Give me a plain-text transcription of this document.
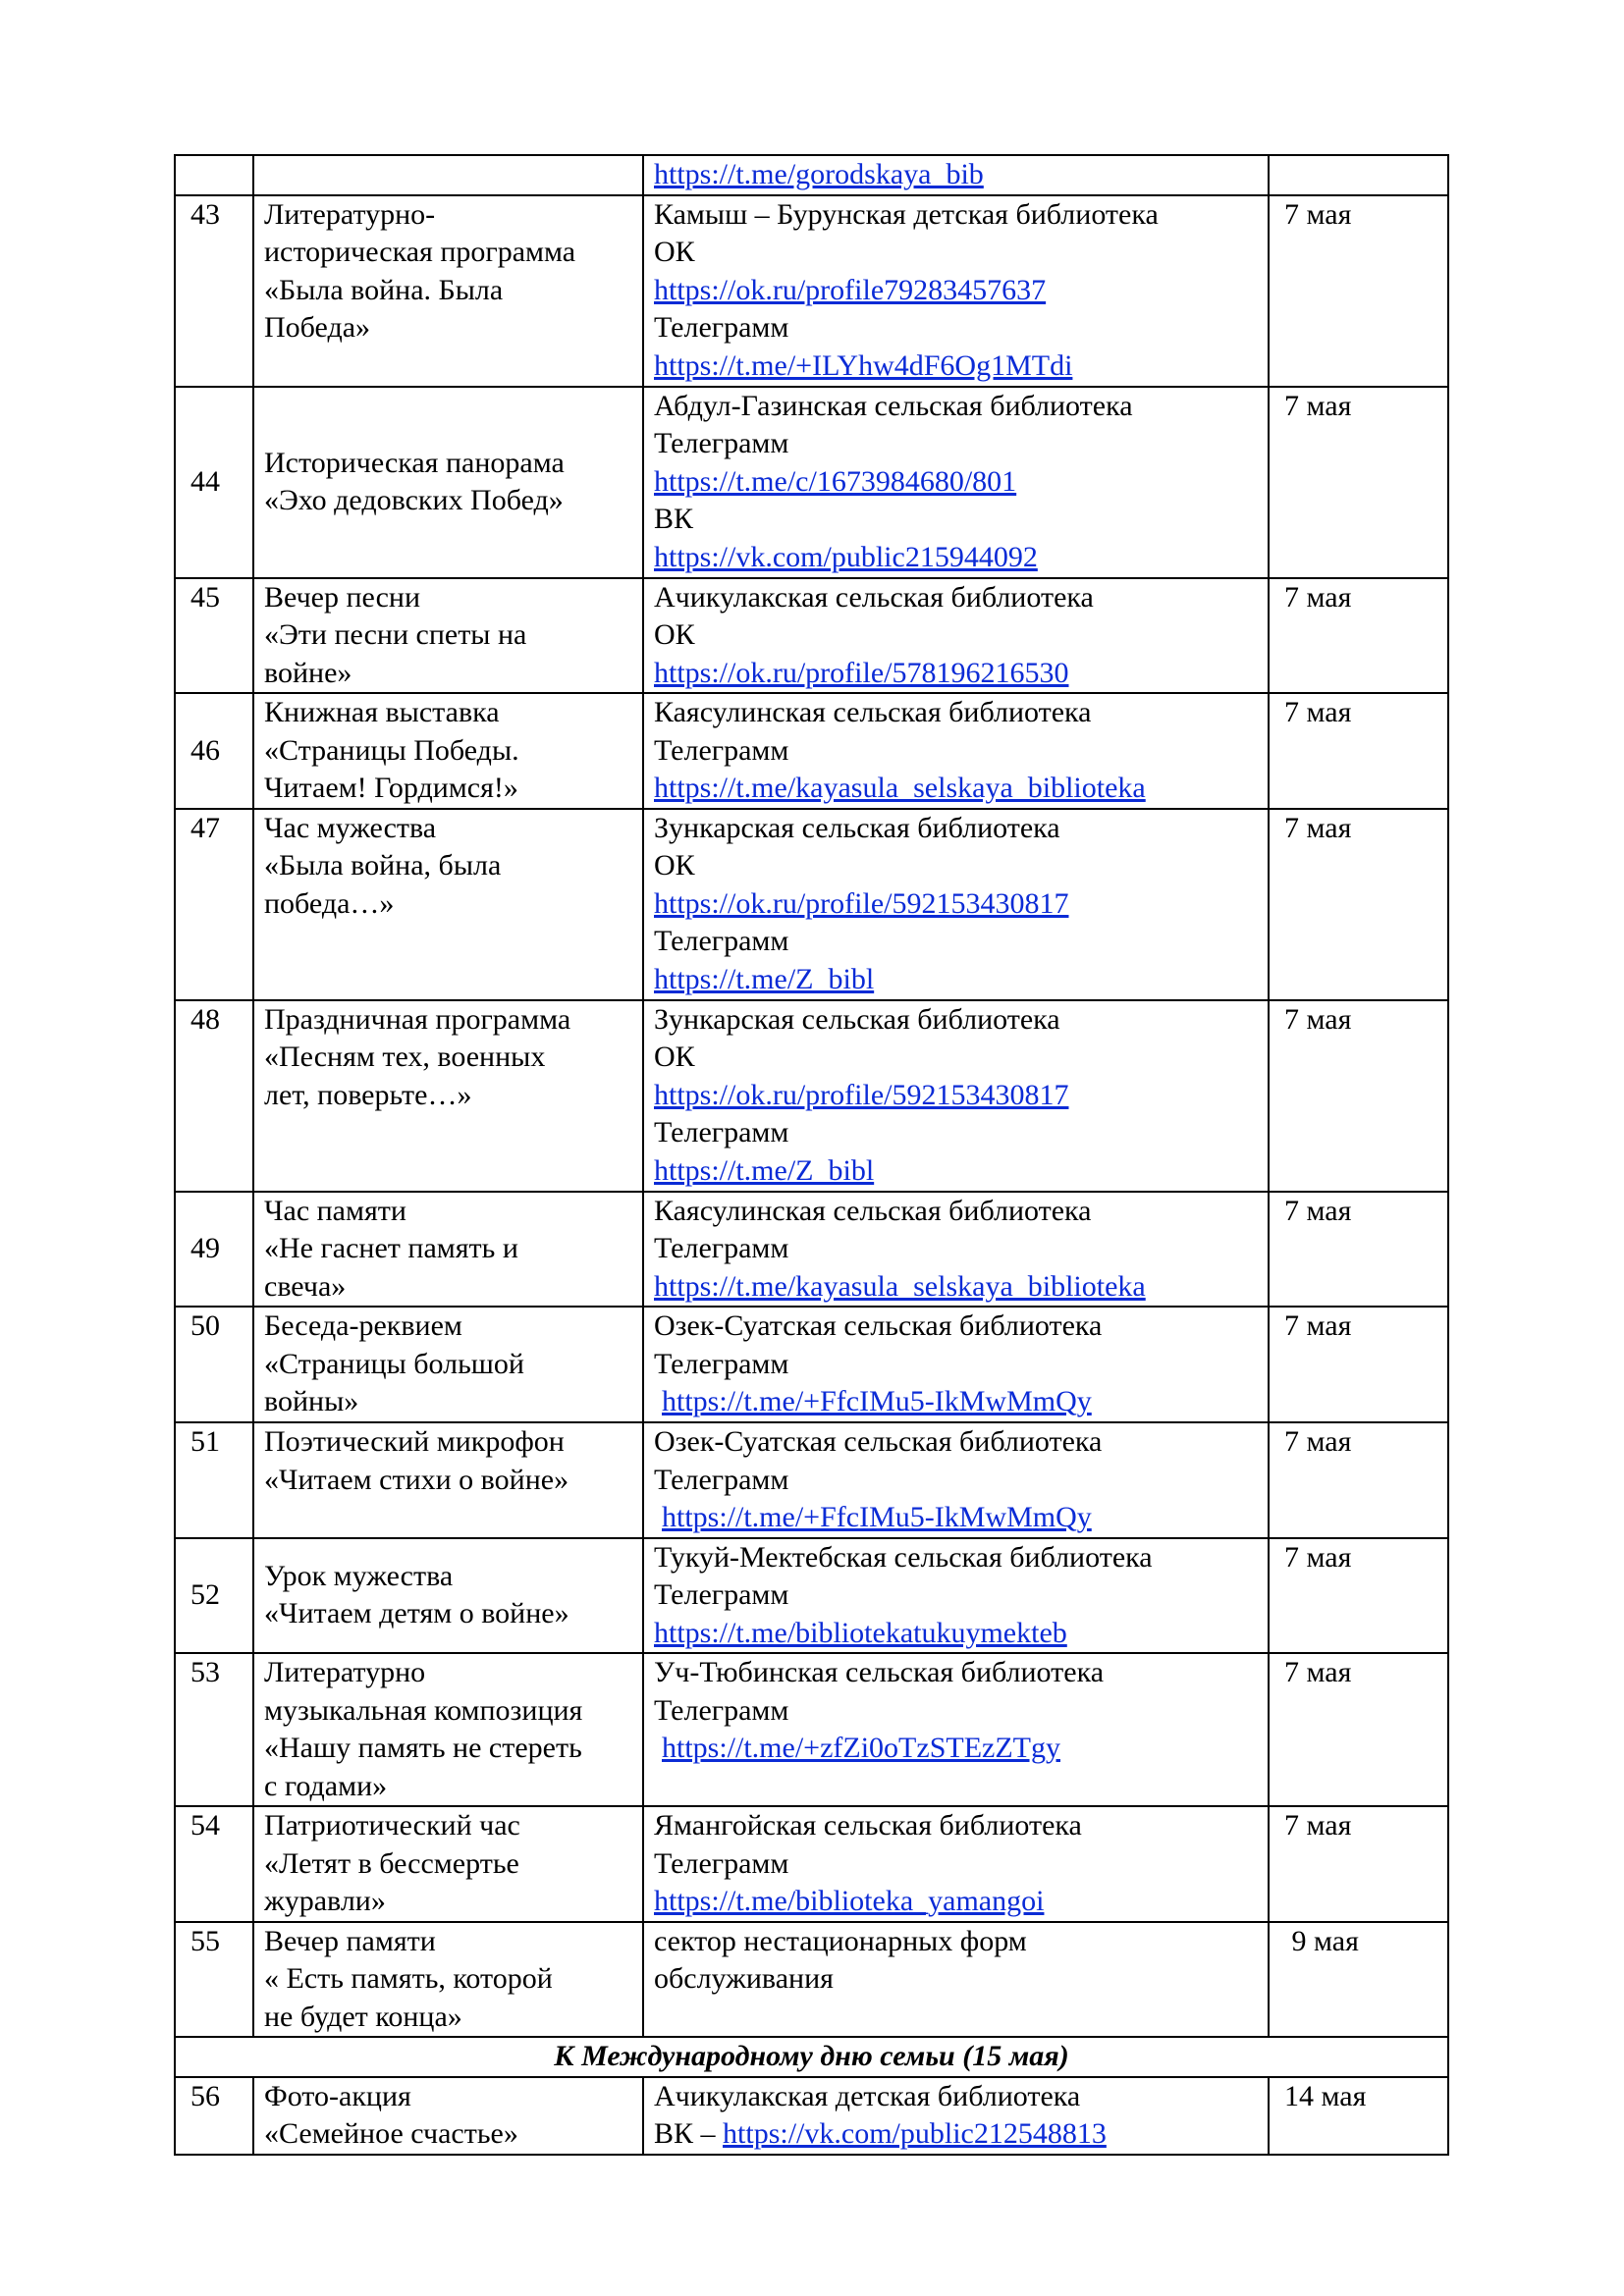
		https://t.me/gorodskaya_bib	

43	Литературно-
историческая программа
«Была война. Была
Победа»	Камыш – Бурунская детская библиотека
ОК
https://ok.ru/profile79283457637
Телеграмм
https://t.me/+ILYhw4dF6Og1MTdi	7 мая
44	Историческая панорама
«Эхо дедовских Побед»	Абдул-Газинская сельская библиотека
Телеграмм
https://t.me/c/1673984680/801
ВК
https://vk.com/public215944092	7 мая
45	Вечер песни
«Эти песни спеты на
войне»	Ачикулакская сельская библиотека
ОК
https://ok.ru/profile/578196216530	7 мая
46	Книжная выставка
«Страницы Победы.
Читаем! Гордимся!»	Каясулинская сельская библиотека
Телеграмм
https://t.me/kayasula_selskaya_biblioteka	7 мая
47	Час мужества
«Была война, была
победа…»	Зункарская сельская библиотека
ОК
https://ok.ru/profile/592153430817
Телеграмм
https://t.me/Z_bibl	7 мая
48	Праздничная программа
«Песням тех, военных
лет, поверьте…»	Зункарская сельская библиотека
ОК
https://ok.ru/profile/592153430817
Телеграмм
https://t.me/Z_bibl	7 мая
49	Час памяти
«Не гаснет память и
свеча»	Каясулинская сельская библиотека
Телеграмм
https://t.me/kayasula_selskaya_biblioteka	7 мая
50	Беседа-реквием
«Страницы большой
войны»	Озек-Суатская сельская библиотека
Телеграмм
https://t.me/+FfcIMu5-IkMwMmQy	7 мая
51	Поэтический микрофон
«Читаем стихи о войне»	Озек-Суатская сельская библиотека
Телеграмм
https://t.me/+FfcIMu5-IkMwMmQy	7 мая
52	Урок мужества
«Читаем детям о войне»	Тукуй-Мектебская сельская библиотека
Телеграмм
https://t.me/bibliotekatukuymekteb	7 мая
53	Литературно
музыкальная композиция
«Нашу память не стереть
с годами»	Уч-Тюбинская сельская библиотека
Телеграмм
https://t.me/+zfZi0oTzSTEzZTgy	7 мая
54	Патриотический час
«Летят в бессмертье
журавли»	Ямангойская сельская библиотека
Телеграмм
https://t.me/biblioteka_yamangoi	7 мая
55	Вечер памяти
« Есть память, которой
не будет конца»	сектор нестационарных форм
обслуживания	9 мая
К Международному дню семьи (15 мая)			
56	Фото-акция
«Семейное счастье»	Ачикулакская детская библиотека
ВК – https://vk.com/public212548813	14 мая
